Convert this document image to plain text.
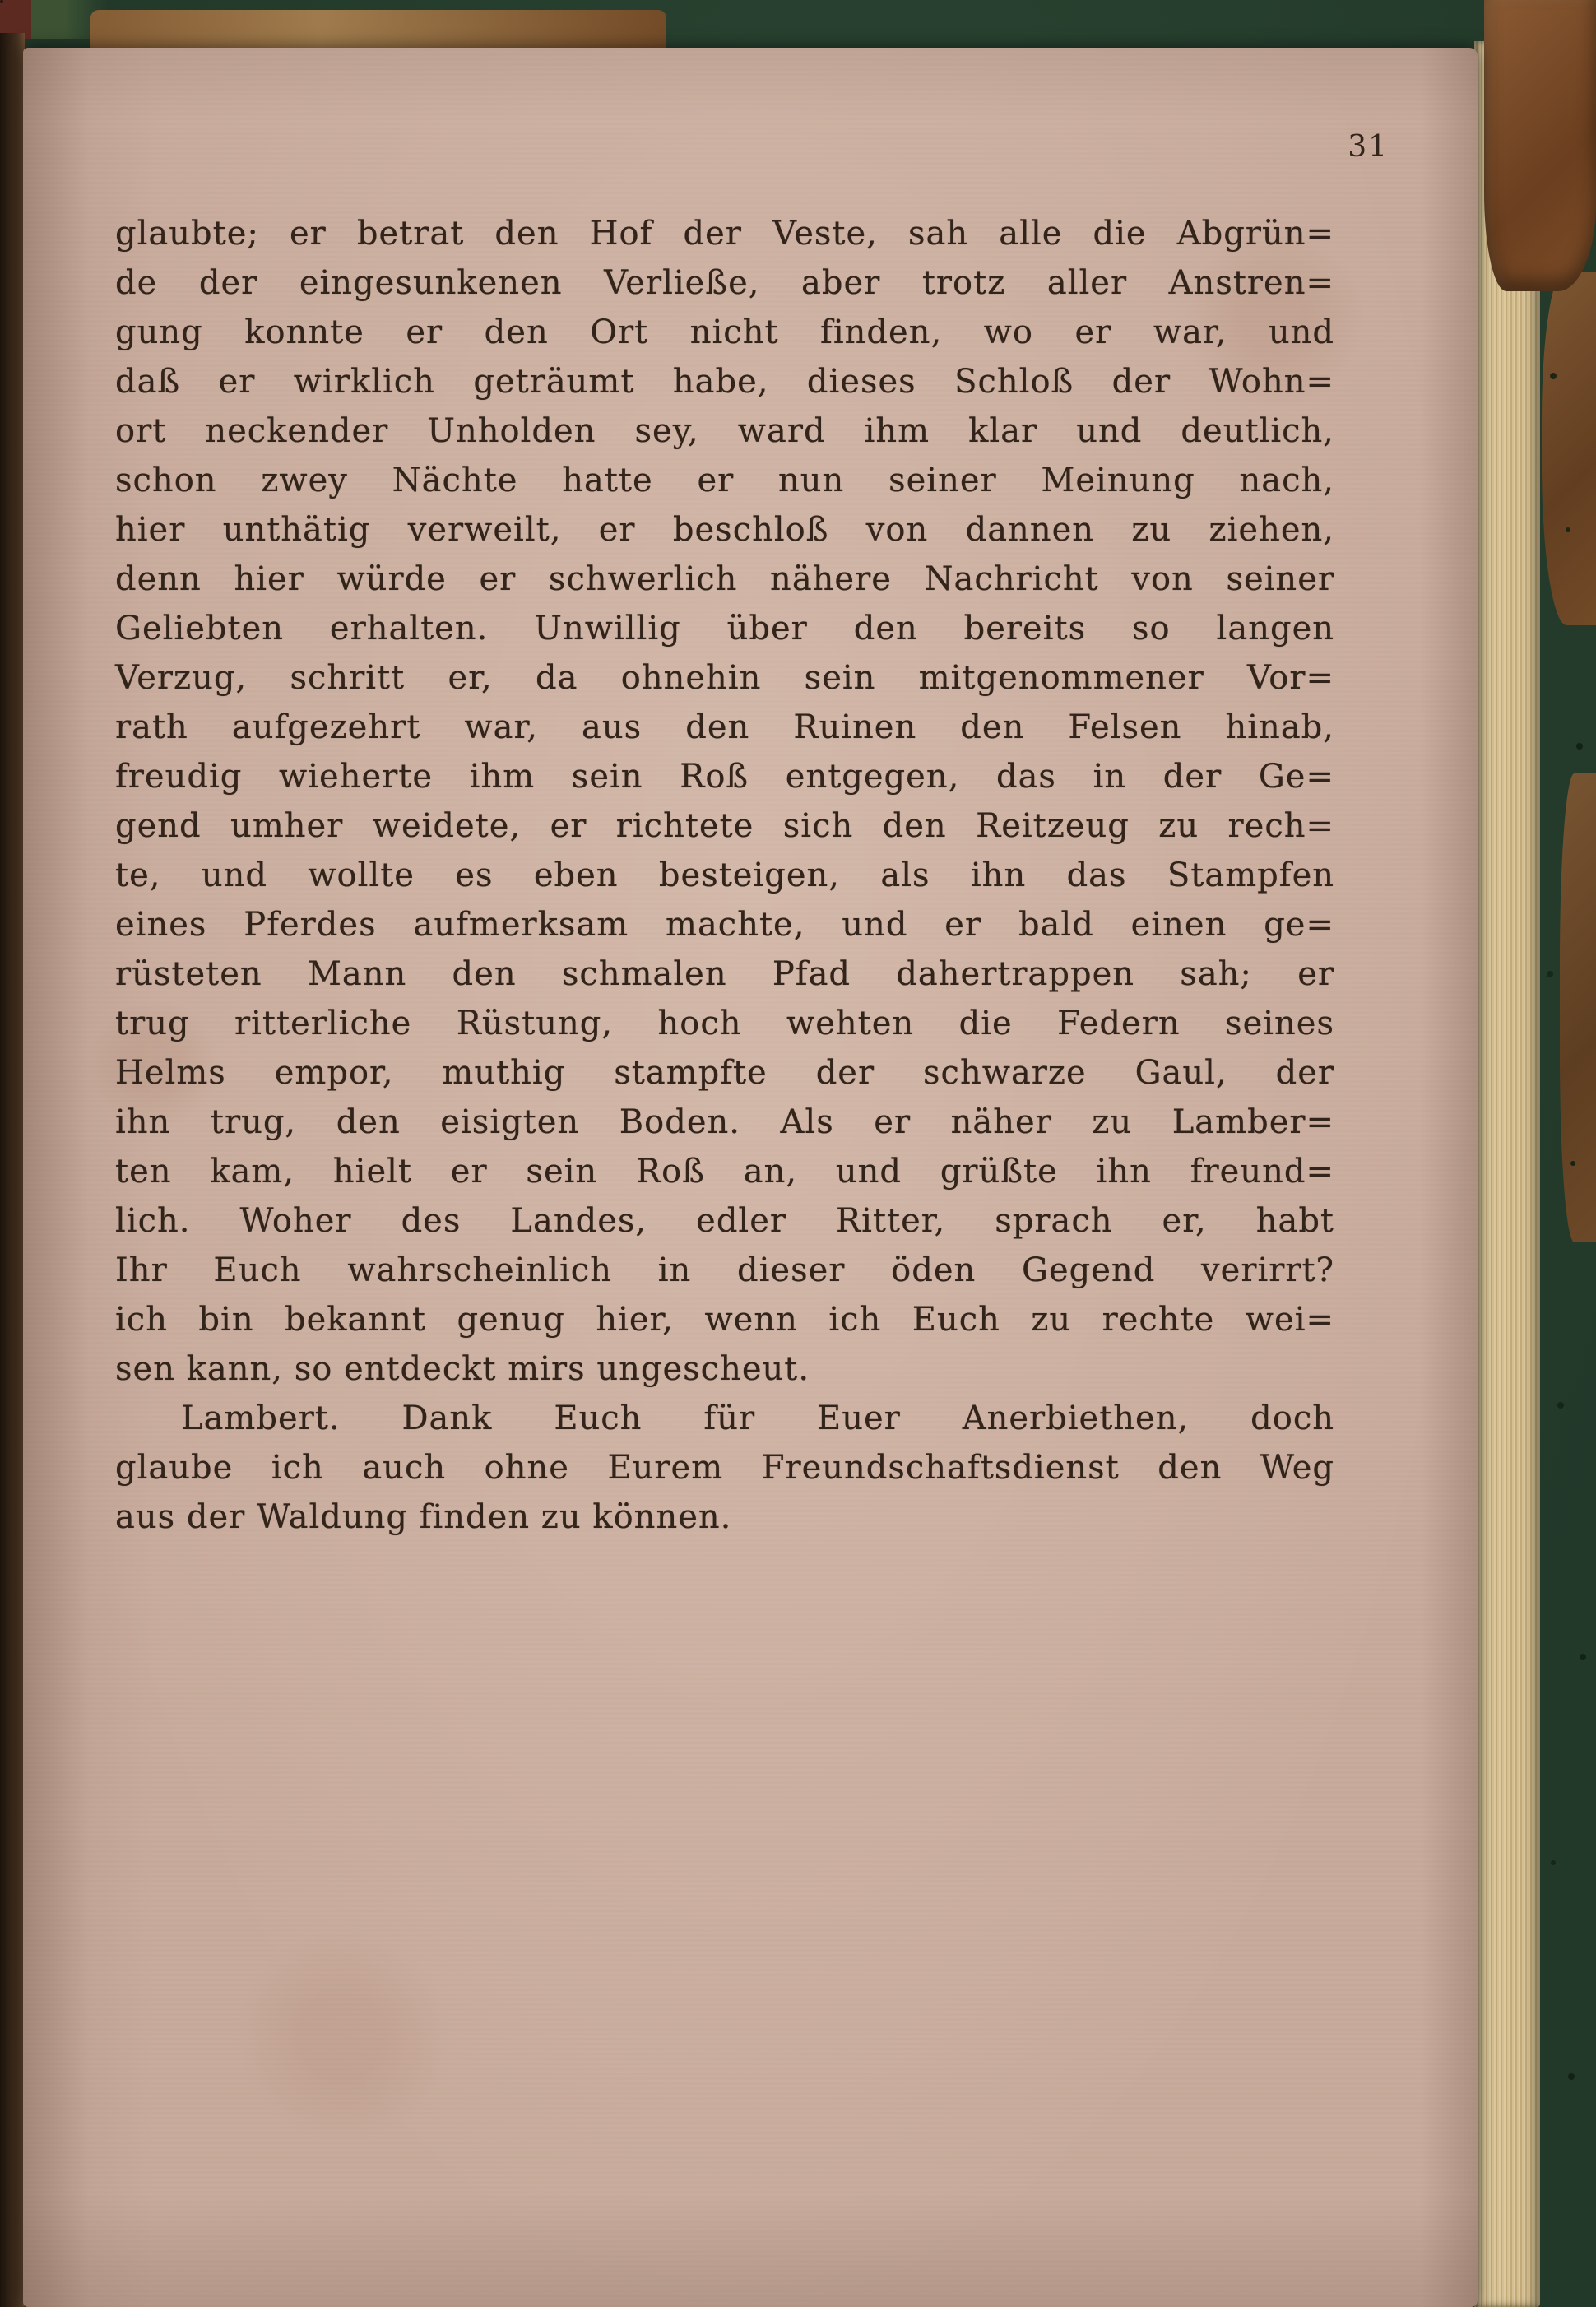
31
glaubte; er betrat den Hof der Veste, sah alle die Abgrün=
de der eingesunkenen Verließe, aber trotz aller Anstren=
gung konnte er den Ort nicht finden, wo er war, und
daß er wirklich geträumt habe, dieses Schloß der Wohn=
ort neckender Unholden sey, ward ihm klar und deutlich,
schon zwey Nächte hatte er nun seiner Meinung nach,
hier unthätig verweilt, er beschloß von dannen zu ziehen,
denn hier würde er schwerlich nähere Nachricht von seiner
Geliebten erhalten. Unwillig über den bereits so langen
Verzug, schritt er, da ohnehin sein mitgenommener Vor=
rath aufgezehrt war, aus den Ruinen den Felsen hinab,
freudig wieherte ihm sein Roß entgegen, das in der Ge=
gend umher weidete, er richtete sich den Reitzeug zu rech=
te, und wollte es eben besteigen, als ihn das Stampfen
eines Pferdes aufmerksam machte, und er bald einen ge=
rüsteten Mann den schmalen Pfad dahertrappen sah; er
trug ritterliche Rüstung, hoch wehten die Federn seines
Helms empor, muthig stampfte der schwarze Gaul, der
ihn trug, den eisigten Boden. Als er näher zu Lamber=
ten kam, hielt er sein Roß an, und grüßte ihn freund=
lich. Woher des Landes, edler Ritter, sprach er, habt
Ihr Euch wahrscheinlich in dieser öden Gegend verirrt?
ich bin bekannt genug hier, wenn ich Euch zu rechte wei=
sen kann, so entdeckt mirs ungescheut.
Lambert. Dank Euch für Euer Anerbiethen, doch
glaube ich auch ohne Eurem Freundschaftsdienst den Weg
aus der Waldung finden zu können.
